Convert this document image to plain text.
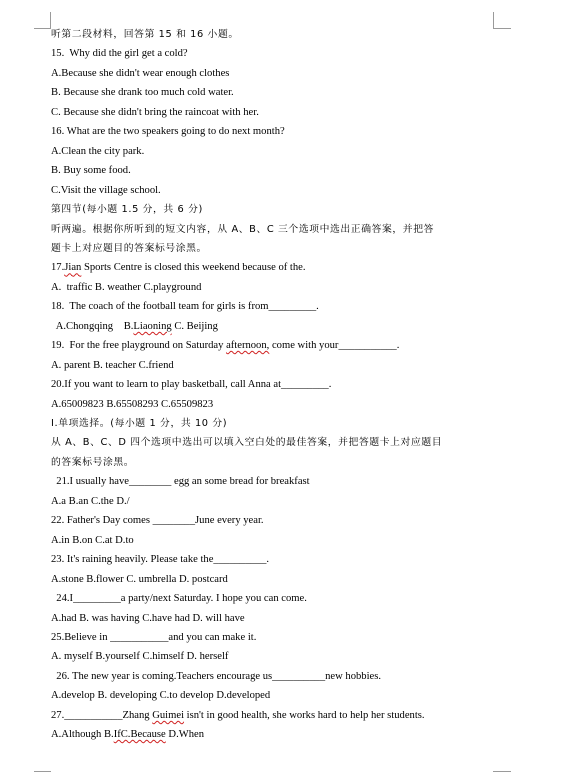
听第二段材料，回答第 15 和 16 小题。
15.  Why did the girl get a cold?
A.Because she didn't wear enough clothes
B. Because she drank too much cold water.
C. Because she didn't bring the raincoat with her.
16. What are the two speakers going to do next month?
A.Clean the city park.
B. Buy some food.
C.Visit the village school.
第四节(每小题 1.5 分，共 6 分)
听两遍。根据你所听到的短文内容，从 A、B、C 三个选项中选出正确答案，并把答
题卡上对应题目的答案标号涂黑。
17.Jian Sports Centre is closed this weekend because of the.
A.  traffic B. weather C.playground
18.  The coach of the football team for girls is from_________.
A.Chongqing    B.Liaoning C. Beijing
19.  For the free playground on Saturday afternoon, come with your___________.
A. parent B. teacher C.friend
20.If you want to learn to play basketball, call Anna at_________.
A.65009823 B.65508293 C.65509823
I.单项选择。(每小题 1 分，共 10 分)
从 A、B、C、D 四个选项中选出可以填入空白处的最佳答案，并把答题卡上对应题目
的答案标号涂黑。
21.I usually have________ egg an some bread for breakfast
A.a B.an C.the D./
22. Father's Day comes ________June every year.
A.in B.on C.at D.to
23. It's raining heavily. Please take the__________.
A.stone B.flower C. umbrella D. postcard
24.I_________a party/next Saturday. I hope you can come.
A.had B. was having C.have had D. will have
25.Believe in ___________and you can make it.
A. myself B.yourself C.himself D. herself
26. The new year is coming.Teachers encourage us__________new hobbies.
A.develop B. developing C.to develop D.developed
27.___________Zhang Guimei isn't in good health, she works hard to help her students.
A.Although B.IfC.Because D.When
